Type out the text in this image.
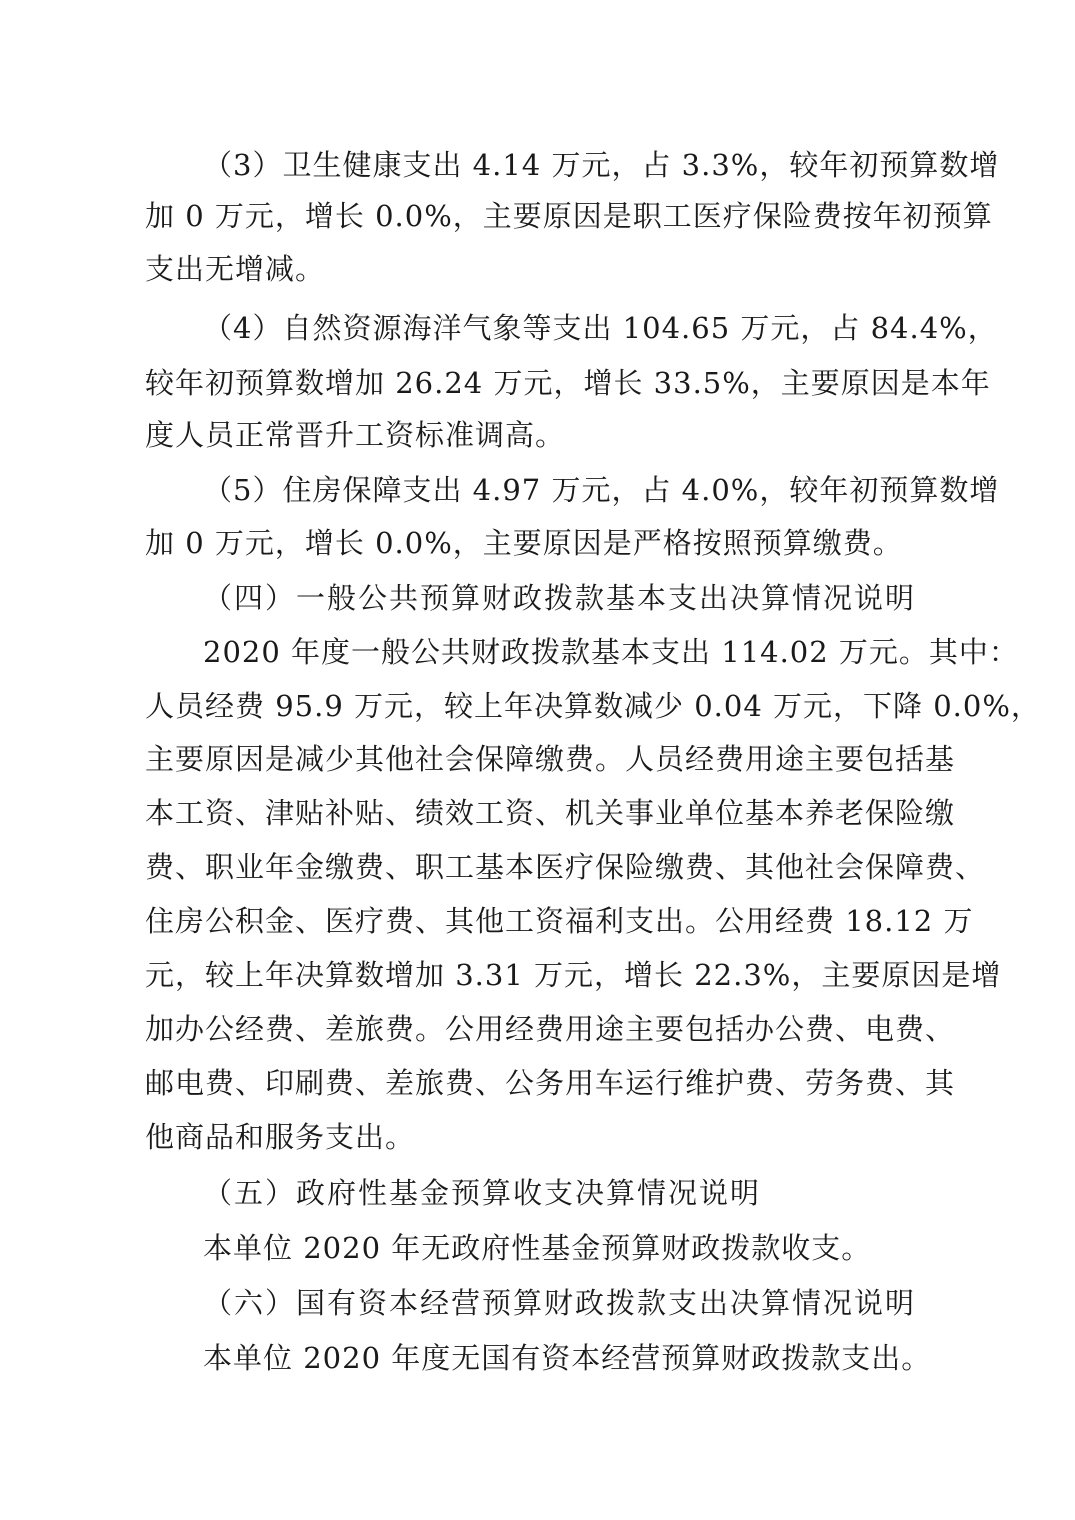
（3）卫生健康支出 4.14 万元，占 3.3%，较年初预算数增
加 0 万元，增长 0.0%，主要原因是职工医疗保险费按年初预算
支出无增减。
（4）自然资源海洋气象等支出 104.65 万元，占 84.4%，
较年初预算数增加 26.24 万元，增长 33.5%，主要原因是本年
度人员正常晋升工资标准调高。
（5）住房保障支出 4.97 万元，占 4.0%，较年初预算数增
加 0 万元，增长 0.0%，主要原因是严格按照预算缴费。
（四）一般公共预算财政拨款基本支出决算情况说明
2020 年度一般公共财政拨款基本支出 114.02 万元。其中：
人员经费 95.9 万元，较上年决算数减少 0.04 万元，下降 0.0%，
主要原因是减少其他社会保障缴费。人员经费用途主要包括基
本工资、津贴补贴、绩效工资、机关事业单位基本养老保险缴
费、职业年金缴费、职工基本医疗保险缴费、其他社会保障费、
住房公积金、医疗费、其他工资福利支出。公用经费 18.12 万
元，较上年决算数增加 3.31 万元，增长 22.3%，主要原因是增
加办公经费、差旅费。公用经费用途主要包括办公费、电费、
邮电费、印刷费、差旅费、公务用车运行维护费、劳务费、其
他商品和服务支出。
（五）政府性基金预算收支决算情况说明
本单位 2020 年无政府性基金预算财政拨款收支。
（六）国有资本经营预算财政拨款支出决算情况说明
本单位 2020 年度无国有资本经营预算财政拨款支出。
